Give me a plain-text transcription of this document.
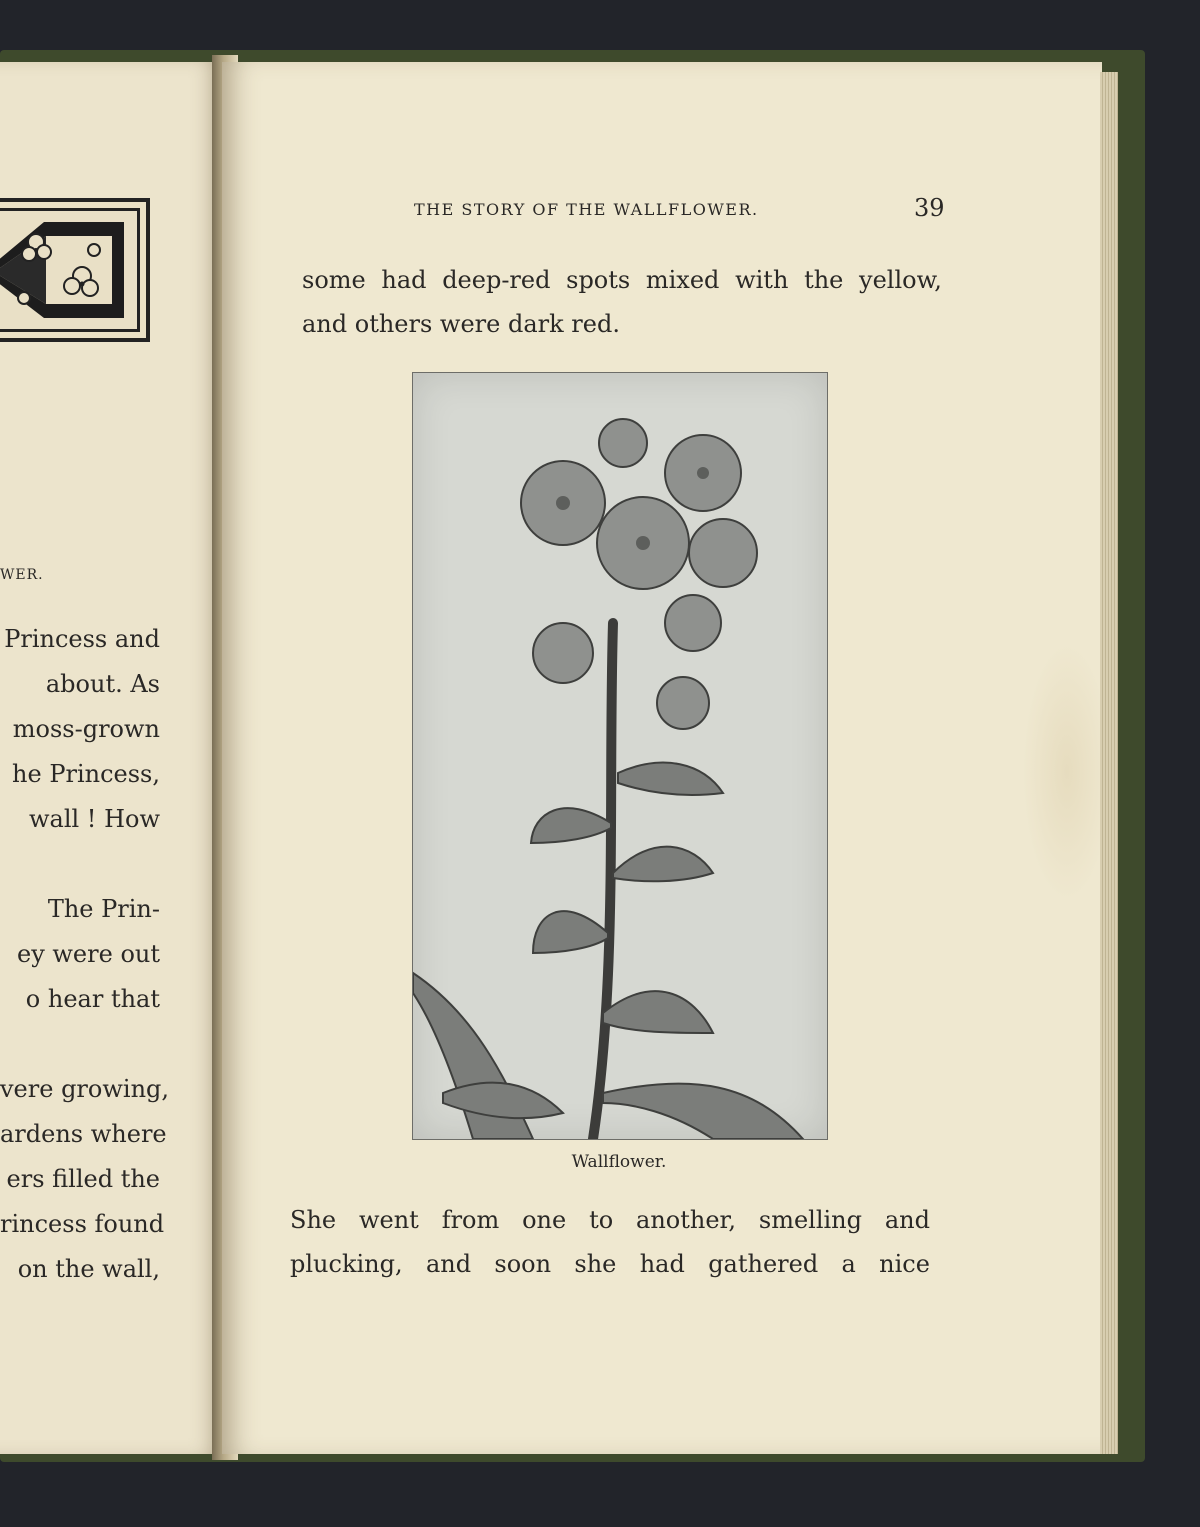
WER.
Princess and
about. As
moss-grown
he Princess,
wall ! How
The Prin-
ey were out
o hear that
vere growing,
ardens where
ers filled the
rincess found
on the wall,
THE STORY OF THE WALLFLOWER.	39
some had deep-red spots mixed with the yellow,
and others were dark red.
Wallflower.
She went from one to another, smelling and
plucking, and soon she had gathered a nice
